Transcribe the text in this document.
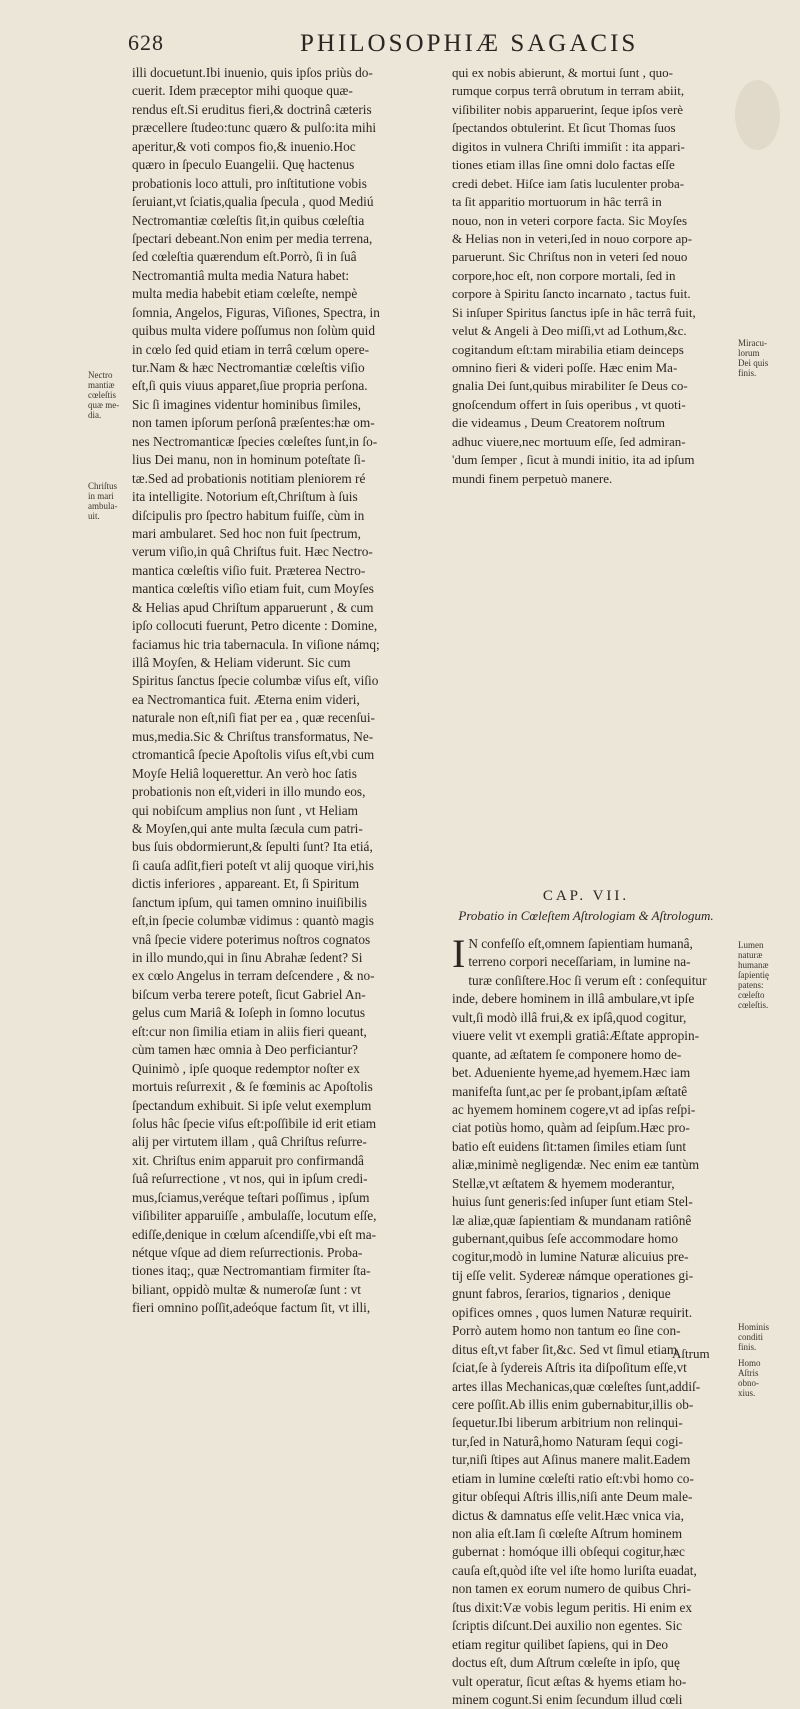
628	PHILOSOPHIÆ SAGACIS
illi docuetunt.Ibi inuenio, quis ipſos priùs do-
cuerit. Idem præceptor mihi quoque quæ-
rendus eſt.Si eruditus fieri,& doctrinâ cæteris
præcellere ſtudeo:tunc quæro & pulſo:ita mihi
aperitur,& voti compos fio,& inuenio.Hoc
quæro in ſpeculo Euangelii. Quę hactenus
probationis loco attuli, pro inſtitutione vobis
ſeruiant,vt ſciatis,qualia ſpecula , quod Mediú
Nectromantiæ cœleſtis ſit,in quibus cœleſtia
ſpectari debeant.Non enim per media terrena,
ſed cœleſtia quærendum eſt.Porrò, ſi in ſuâ
Nectromantiâ multa media Natura habet:
multa media habebit etiam cœleſte, nempè
ſomnia, Angelos, Figuras, Viſiones, Spectra, in
quibus multa videre poſſumus non ſolùm quid
in cœlo ſed quid etiam in terrâ cœlum opere-
tur.Nam & hæc Nectromantiæ cœleſtis viſio
eſt,ſi quis viuus apparet,ſiue propria perſona.
Sic ſi imagines videntur hominibus ſimiles,
non tamen ipſorum perſonâ præſentes:hæ om-
nes Nectromanticæ ſpecies cœleſtes ſunt,in ſo-
lius Dei manu, non in hominum poteſtate ſi-
tæ.Sed ad probationis notitiam pleniorem ré
ita intelligite. Notorium eſt,Chriſtum à ſuis
diſcipulis pro ſpectro habitum fuiſſe, cùm in
mari ambularet. Sed hoc non fuit ſpectrum,
verum viſio,in quâ Chriſtus fuit. Hæc Nectro-
mantica cœleſtis viſio fuit. Præterea Nectro-
mantica cœleſtis viſio etiam fuit, cum Moyſes
& Helias apud Chriſtum apparuerunt , & cum
ipſo collocuti fuerunt, Petro dicente : Domine,
faciamus hic tria tabernacula. In viſione námq;
illâ Moyſen, & Heliam viderunt. Sic cum
Spiritus ſanctus ſpecie columbæ viſus eſt, viſio
ea Nectromantica fuit. Æterna enim videri,
naturale non eſt,niſi fiat per ea , quæ recenſui-
mus,media.Sic & Chriſtus transformatus, Ne-
ctromanticâ ſpecie Apoſtolis viſus eſt,vbi cum
Moyſe Heliâ loquerettur. An verò hoc ſatis
probationis non eſt,videri in illo mundo eos,
qui nobiſcum amplius non ſunt , vt Heliam
& Moyſen,qui ante multa ſæcula cum patri-
bus ſuis obdormierunt,& ſepulti ſunt? Ita etiá,
ſi cauſa adſit,fieri poteſt vt alij quoque viri,his
dictis inferiores , appareant. Et, ſi Spiritum
ſanctum ipſum, qui tamen omnino inuiſibilis
eſt,in ſpecie columbæ vidimus : quantò magis
vnâ ſpecie videre poterimus noſtros cognatos
in illo mundo,qui in ſinu Abrahæ ſedent? Si
ex cœlo Angelus in terram deſcendere , & no-
biſcum verba terere poteſt, ſicut Gabriel An-
gelus cum Mariâ & Ioſeph in ſomno locutus
eſt:cur non ſimilia etiam in aliis fieri queant,
cùm tamen hæc omnia à Deo perficiantur?
Quinimò , ipſe quoque redemptor noſter ex
mortuis reſurrexit , & ſe fœminis ac Apoſtolis
ſpectandum exhibuit. Si ipſe velut exemplum
ſolus hâc ſpecie viſus eſt:poſſibile id erit etiam
alij per virtutem illam , quâ Chriſtus reſurre-
xit. Chriſtus enim apparuit pro confirmandâ
ſuâ reſurrectione , vt nos, qui in ipſum credi-
mus,ſciamus,veréque teſtari poſſimus , ipſum
viſibiliter apparuiſſe , ambulaſſe, locutum eſſe,
ediſſe,denique in cœlum aſcendiſſe,vbi eſt ma-
nétque vſque ad diem reſurrectionis. Proba-
tiones itaq;, quæ Nectromantiam firmiter ſta-
biliant, oppidò multæ & numeroſæ ſunt : vt
fieri omnino poſſit,adeóque factum ſit, vt illi,
qui ex nobis abierunt, & mortui ſunt , quo-
rumque corpus terrâ obrutum in terram abiit,
viſibiliter nobis apparuerint, ſeque ipſos verè
ſpectandos obtulerint. Et ſicut Thomas ſuos
digitos in vulnera Chriſti immiſit : ita appari-
tiones etiam illas ſine omni dolo factas eſſe
credi debet. Hiſce iam ſatis luculenter proba-
ta ſit apparitio mortuorum in hâc terrâ in
nouo, non in veteri corpore facta. Sic Moyſes
& Helias non in veteri,ſed in nouo corpore ap-
paruerunt. Sic Chriſtus non in veteri ſed nouo
corpore,hoc eſt, non corpore mortali, ſed in
corpore à Spiritu ſancto incarnato , tactus fuit.
Si inſuper Spiritus ſanctus ipſe in hâc terrâ fuit,
velut & Angeli à Deo miſſi,vt ad Lothum,&c.
cogitandum eſt:tam mirabilia etiam deinceps
omnino fieri & videri poſſe. Hæc enim Ma-
gnalia Dei ſunt,quibus mirabiliter ſe Deus co-
gnoſcendum offert in ſuis operibus , vt quoti-
die videamus , Deum Creatorem noſtrum
adhuc viuere,nec mortuum eſſe, ſed admiran-
'dum ſemper , ſicut à mundi initio, ita ad ipſum
mundi finem perpetuò manere.
CAP. VII.
Probatio in Cœleſtem Aſtrologiam & Aſtrologum.
I N confeſſo eſt,omnem ſapientiam humanâ,
terreno corpori neceſſariam, in lumine na-
turæ conſiſtere.Hoc ſi verum eſt : conſequitur
inde, debere hominem in illâ ambulare,vt ipſe
vult,ſi modò illâ frui,& ex ipſâ,quod cogitur,
viuere velit vt exempli gratiâ:Æſtate appropin-
quante, ad æſtatem ſe componere homo de-
bet. Adueniente hyeme,ad hyemem.Hæc iam
manifeſta ſunt,ac per ſe probant,ipſam æſtatê
ac hyemem hominem cogere,vt ad ipſas reſpi-
ciat potiùs homo, quàm ad ſeipſum.Hæc pro-
batio eſt euidens ſit:tamen ſimiles etiam ſunt
aliæ,minimè negligendæ. Nec enim eæ tantùm
Stellæ,vt æſtatem & hyemem moderantur,
huius ſunt generis:ſed inſuper ſunt etiam Stel-
læ aliæ,quæ ſapientiam & mundanam ratiônê
gubernant,quibus ſeſe accommodare homo
cogitur,modò in lumine Naturæ alicuius pre-
tij eſſe velit. Sydereæ námque operationes gi-
gnunt fabros, ſerarios, tignarios , denique
opifices omnes , quos lumen Naturæ requirit.
Porrò autem homo non tantum eo ſine con-
ditus eſt,vt faber ſit,&c. Sed vt ſimul etiam
ſciat,ſe à ſydereis Aſtris ita diſpoſitum eſſe,vt
artes illas Mechanicas,quæ cœleſtes ſunt,addiſ-
cere poſſit.Ab illis enim gubernabitur,illis ob-
ſequetur.Ibi liberum arbitrium non relinqui-
tur,ſed in Naturâ,homo Naturam ſequi cogi-
tur,niſi ſtipes aut Aſinus manere malit.Eadem
etiam in lumine cœleſti ratio eſt:vbi homo co-
gitur obſequi Aſtris illis,niſi ante Deum male-
dictus & damnatus eſſe velit.Hæc vnica via,
non alia eſt.Iam ſi cœleſte Aſtrum hominem
gubernat : homóque illi obſequi cogitur,hæc
cauſa eſt,quòd iſte vel iſte homo luriſta euadat,
non tamen ex eorum numero de quibus Chri-
ſtus dixit:Væ vobis legum peritis. Hi enim ex
ſcriptis diſcunt.Dei auxilio non egentes. Sic
etiam regitur quilibet ſapiens, qui in Deo
doctus eſt, dum Aſtrum cœleſte in ipſo, quę
vult operatur, ſicut æſtas & hyems etiam ho-
minem cogunt.Si enim ſecundum illud cœli
Nectro
mantiæ
cœleſtis
quæ me-
dia.
Chriſtus
in mari
ambula-
uit.
Miracu-
lorum
Dei quis
finis.
Lumen
naturæ
humanæ
ſapientię
patens:
cœleſto
cœleſtis.
Hominis
conditi
finis.
Homo
Aſtris
obno-
xius.
Aſtrum
